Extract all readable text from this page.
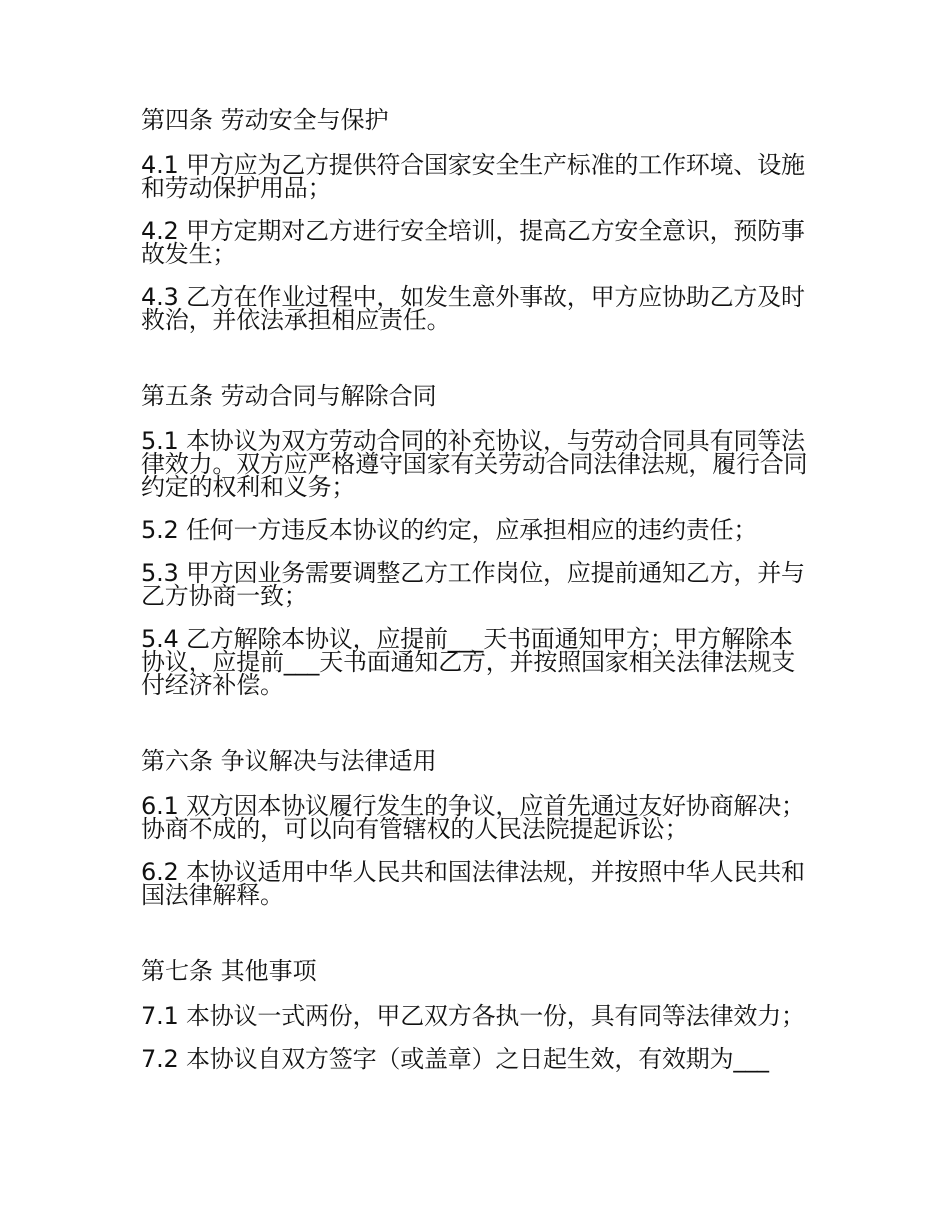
第四条 劳动安全与保护
4.1 甲方应为乙方提供符合国家安全生产标准的工作环境、设施和劳动保护用品；
4.2 甲方定期对乙方进行安全培训，提高乙方安全意识，预防事故发生；
4.3 乙方在作业过程中，如发生意外事故，甲方应协助乙方及时救治，并依法承担相应责任。
第五条 劳动合同与解除合同
5.1 本协议为双方劳动合同的补充协议，与劳动合同具有同等法律效力。双方应严格遵守国家有关劳动合同法律法规，履行合同约定的权利和义务；
5.2 任何一方违反本协议的约定，应承担相应的违约责任；
5.3 甲方因业务需要调整乙方工作岗位，应提前通知乙方，并与乙方协商一致；
5.4 乙方解除本协议，应提前___天书面通知甲方；甲方解除本协议，应提前___天书面通知乙方，并按照国家相关法律法规支付经济补偿。
第六条 争议解决与法律适用
6.1 双方因本协议履行发生的争议，应首先通过友好协商解决；协商不成的，可以向有管辖权的人民法院提起诉讼；
6.2 本协议适用中华人民共和国法律法规，并按照中华人民共和国法律解释。
第七条 其他事项
7.1 本协议一式两份，甲乙双方各执一份，具有同等法律效力；
7.2 本协议自双方签字（或盖章）之日起生效，有效期为___
